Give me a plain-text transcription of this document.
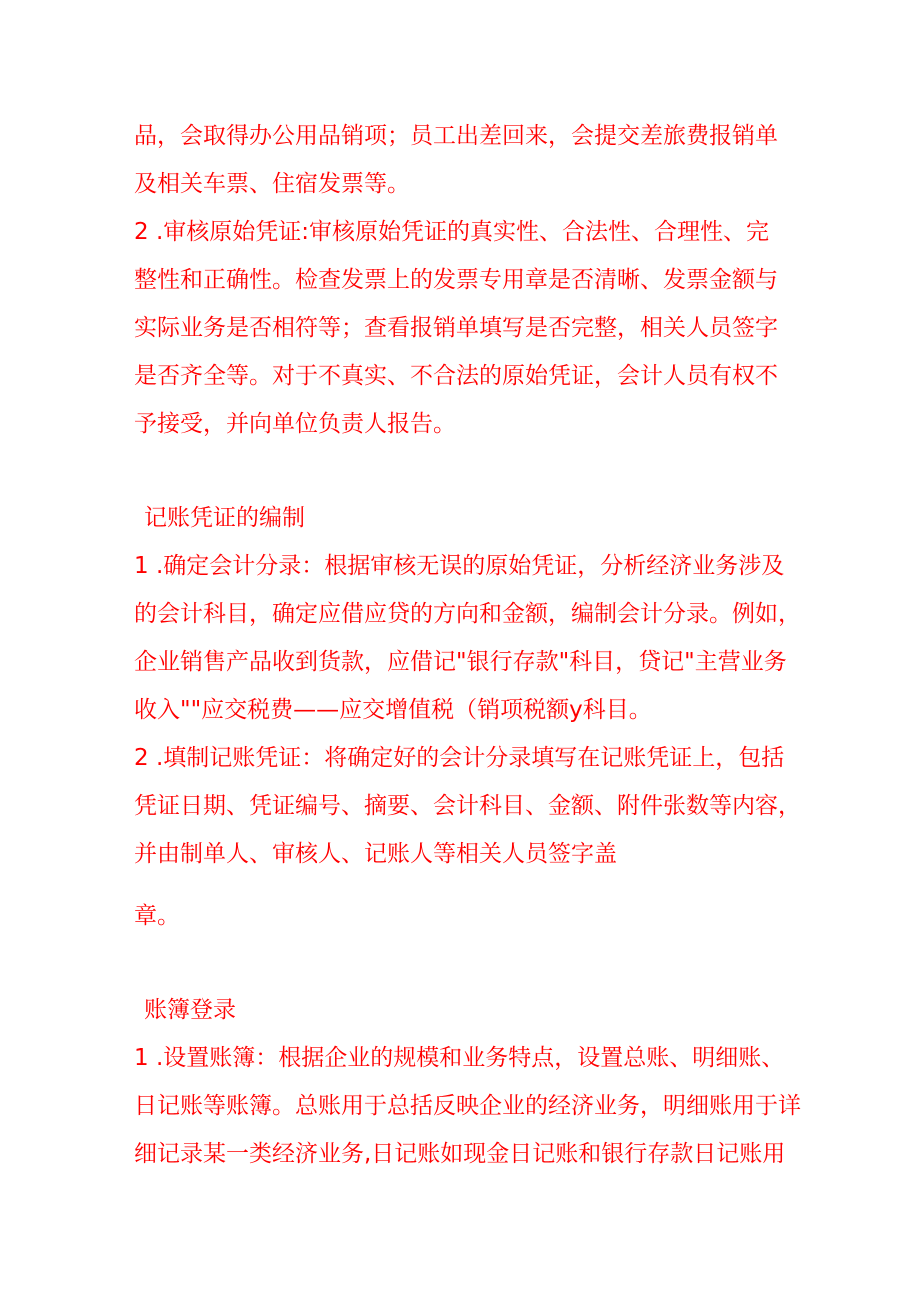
品，会取得办公用品销项；员工出差回来，会提交差旅费报销单
及相关车票、住宿发票等。
2 .审核原始凭证:审核原始凭证的真实性、合法性、合理性、完
整性和正确性。检查发票上的发票专用章是否清晰、发票金额与
实际业务是否相符等；查看报销单填写是否完整，相关人员签字
是否齐全等。对于不真实、不合法的原始凭证，会计人员有权不
予接受，并向单位负责人报告。
记账凭证的编制
1 .确定会计分录：根据审核无误的原始凭证，分析经济业务涉及
的会计科目，确定应借应贷的方向和金额，编制会计分录。例如，
企业销售产品收到货款，应借记"银行存款"科目，贷记"主营业务
收入""应交税费——应交增值税（销项税额y科目。
2 .填制记账凭证：将确定好的会计分录填写在记账凭证上，包括
凭证日期、凭证编号、摘要、会计科目、金额、附件张数等内容，
并由制单人、审核人、记账人等相关人员签字盖
章。
账簿登录
1 .设置账簿：根据企业的规模和业务特点，设置总账、明细账、
日记账等账簿。总账用于总括反映企业的经济业务，明细账用于详
细记录某一类经济业务,日记账如现金日记账和银行存款日记账用
